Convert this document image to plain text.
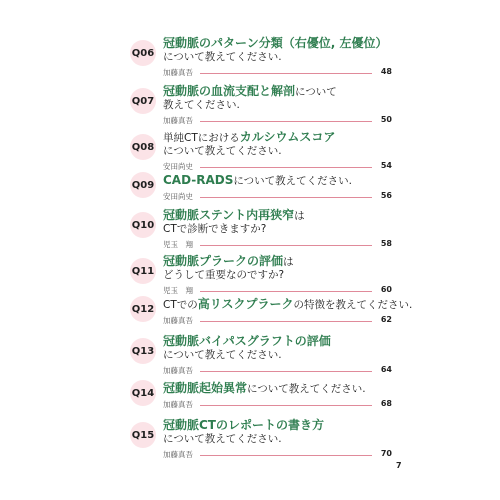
Q06
冠動脈のパターン分類（右優位, 左優位）
について教えてください.
加藤真吾	48
Q07
冠動脈の血流支配と解剖について
教えてください.
加藤真吾	50
Q08
単純CTにおけるカルシウムスコア
について教えてください.
安田尚史	54
Q09 CAD-RADSについて教えてください.
安田尚史	56
Q10
冠動脈ステント内再狭窄は
CTで診断できますか?
児玉　翔	58
Q11
冠動脈プラークの評価は
どうして重要なのですか?
児玉　翔	60
Q12 CTでの高リスクプラークの特徴を教えてください.
加藤真吾	62
Q13
冠動脈バイパスグラフトの評価
について教えてください.
加藤真吾	64
Q14 冠動脈起始異常について教えてください.
加藤真吾	68
Q15
冠動脈CTのレポートの書き方
について教えてください.
加藤真吾	70
7
